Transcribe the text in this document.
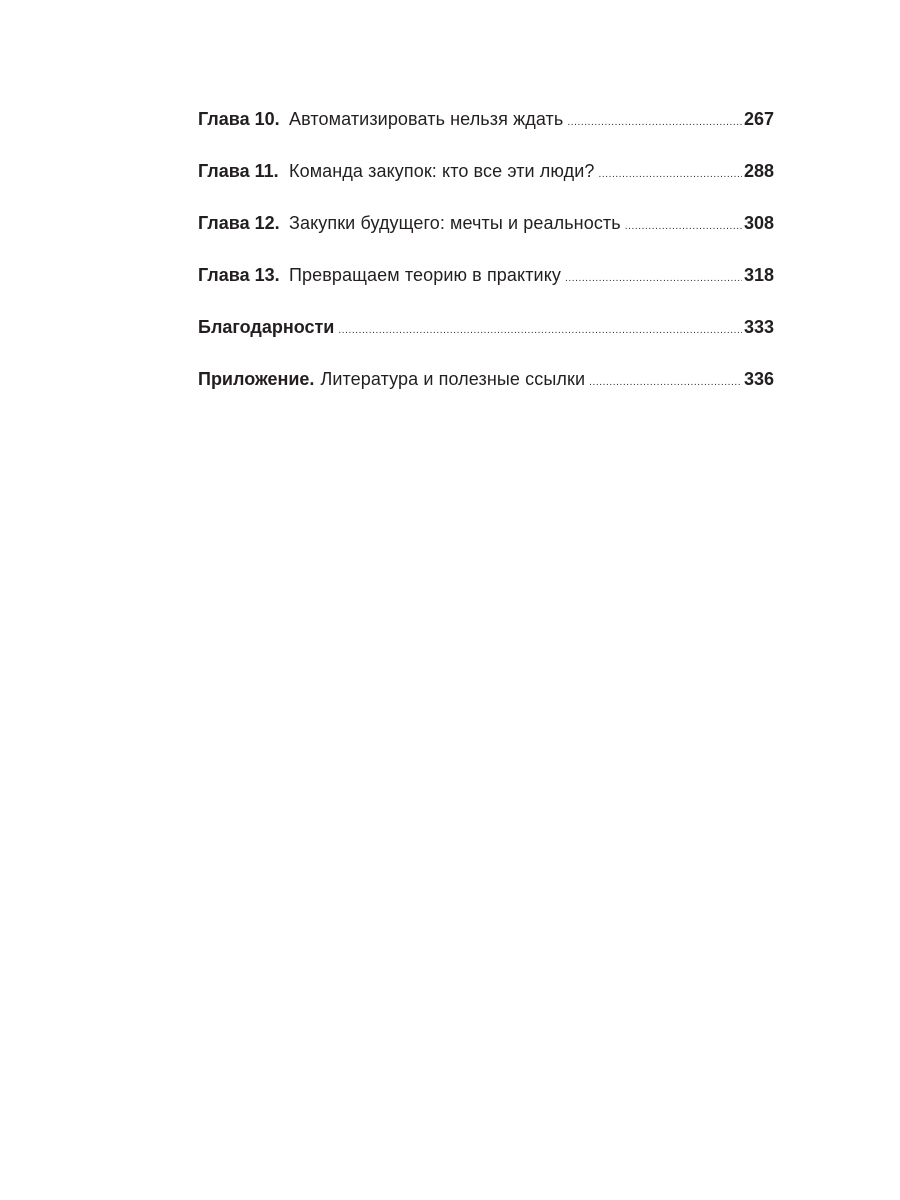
Глава 10. Автоматизировать нельзя ждать .....	267
Глава 11. Команда закупок: кто все эти люди? .....	288
Глава 12. Закупки будущего: мечты и реальность .....	308
Глава 13. Превращаем теорию в практику .....	318
Благодарности .....	333
Приложение. Литература и полезные ссылки .....	336
